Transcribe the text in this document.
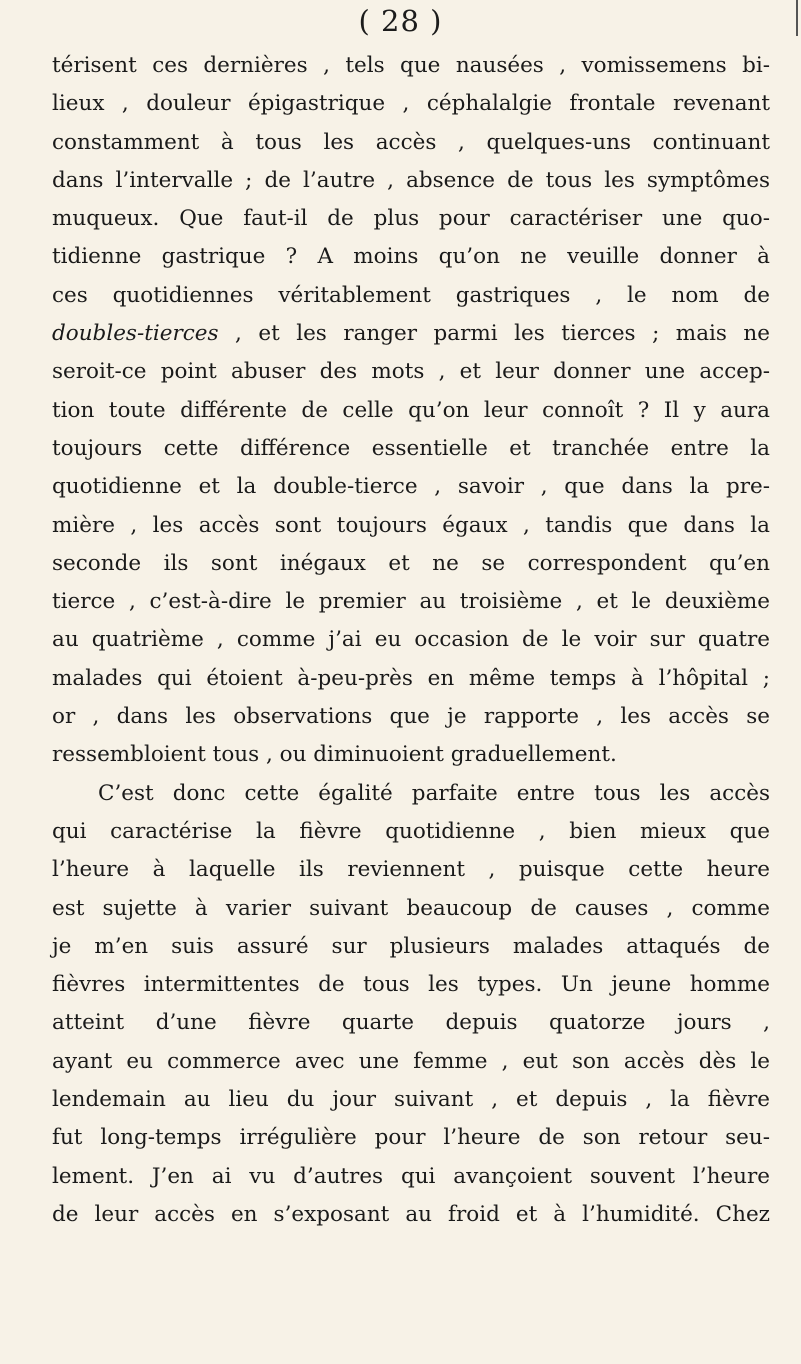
( 28 )
térisent ces dernières , tels que nausées , vomissemens bi-
lieux , douleur épigastrique , céphalalgie frontale revenant
constamment à tous les accès , quelques-uns continuant
dans l’intervalle ; de l’autre , absence de tous les symptômes
muqueux. Que faut-il de plus pour caractériser une quo-
tidienne gastrique ? A moins qu’on ne veuille donner à
ces quotidiennes véritablement gastriques , le nom de
doubles-tierces , et les ranger parmi les tierces ; mais ne
seroit-ce point abuser des mots , et leur donner une accep-
tion toute différente de celle qu’on leur connoît ? Il y aura
toujours cette différence essentielle et tranchée entre la
quotidienne et la double-tierce , savoir , que dans la pre-
mière , les accès sont toujours égaux , tandis que dans la
seconde ils sont inégaux et ne se correspondent qu’en
tierce , c’est-à-dire le premier au troisième , et le deuxième
au quatrième , comme j’ai eu occasion de le voir sur quatre
malades qui étoient à-peu-près en même temps à l’hôpital ;
or , dans les observations que je rapporte , les accès se
ressembloient tous , ou diminuoient graduellement.
C’est donc cette égalité parfaite entre tous les accès
qui caractérise la fièvre quotidienne , bien mieux que
l’heure à laquelle ils reviennent , puisque cette heure
est sujette à varier suivant beaucoup de causes , comme
je m’en suis assuré sur plusieurs malades attaqués de
fièvres intermittentes de tous les types. Un jeune homme
atteint d’une fièvre quarte depuis quatorze jours ,
ayant eu commerce avec une femme , eut son accès dès le
lendemain au lieu du jour suivant , et depuis , la fièvre
fut long-temps irrégulière pour l’heure de son retour seu-
lement. J’en ai vu d’autres qui avançoient souvent l’heure
de leur accès en s’exposant au froid et à l’humidité. Chez
